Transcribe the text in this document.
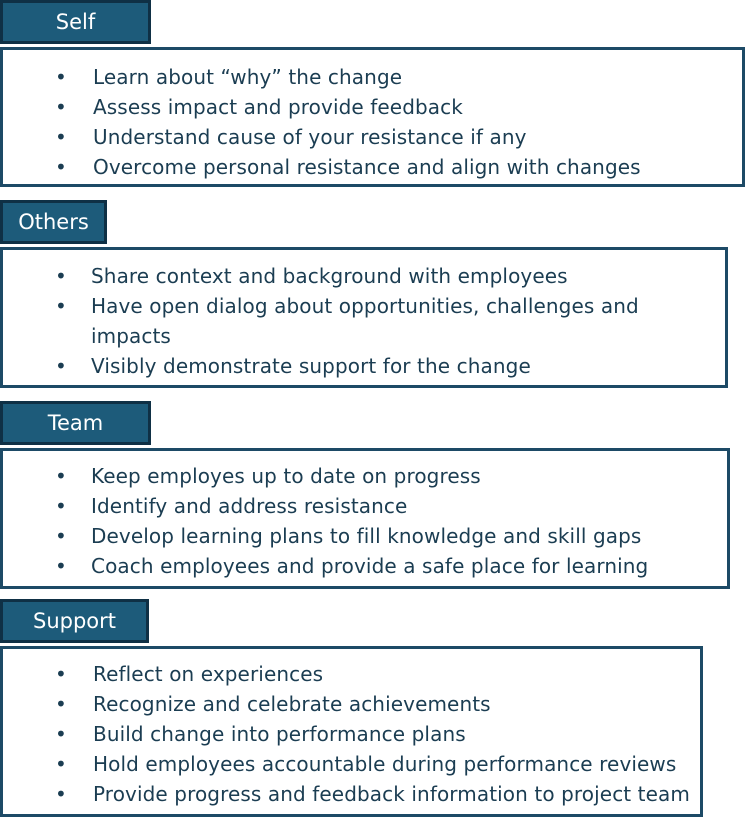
•	Learn about “why” the change
•	Assess impact and provide feedback
•	Understand cause of your resistance if any
•	Overcome personal resistance and align with changes
Self
•	Share context and background with employees
•	Have open dialog about opportunities, challenges and
impacts
•	Visibly demonstrate support for the change
Others
•	Keep employes up to date on progress
•	Identify and address resistance
•	Develop learning plans to fill knowledge and skill gaps
•	Coach employees and provide a safe place for learning
Team
•	Reflect on experiences
•	Recognize and celebrate achievements
•	Build change into performance plans
•	Hold employees accountable during performance reviews
•	Provide progress and feedback information to project team
Support
